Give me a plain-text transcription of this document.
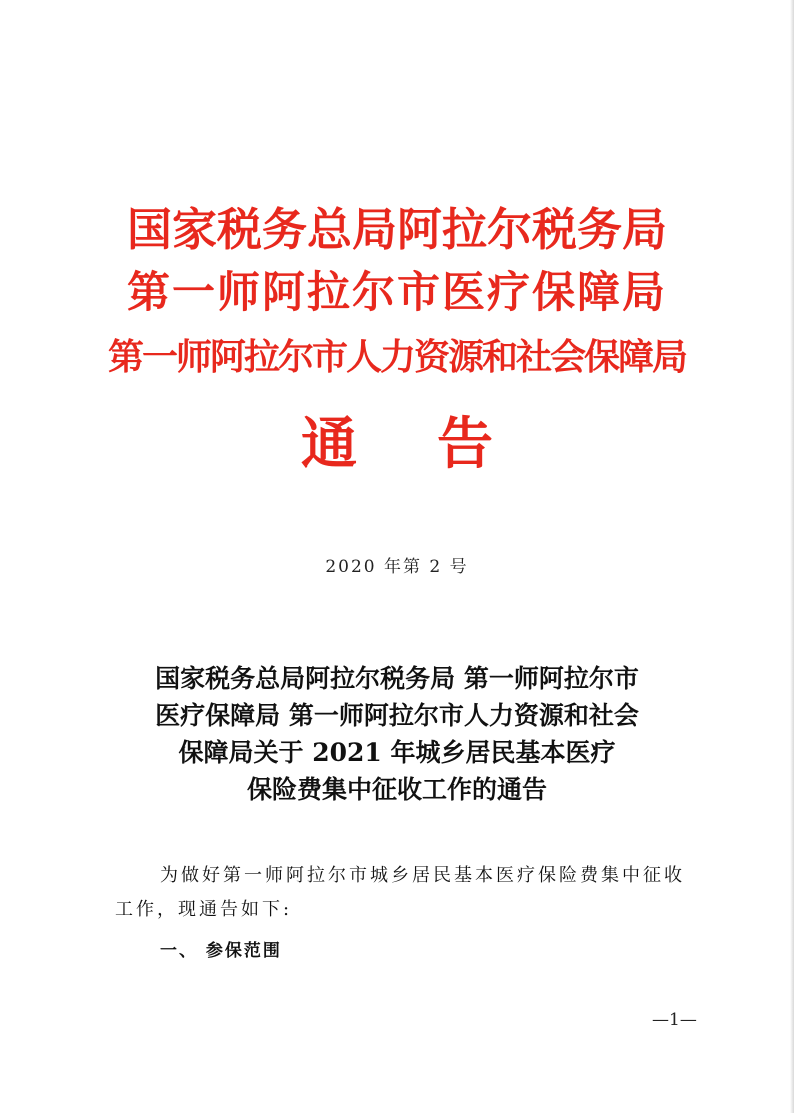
国家税务总局阿拉尔税务局
第一师阿拉尔市医疗保障局
第一师阿拉尔市人力资源和社会保障局
通告
2020 年第 2 号
国家税务总局阿拉尔税务局 第一师阿拉尔市
医疗保障局 第一师阿拉尔市人力资源和社会
保障局关于 2021 年城乡居民基本医疗
保险费集中征收工作的通告
为做好第一师阿拉尔市城乡居民基本医疗保险费集中征收
工作，现通告如下:
一、 参保范围
—1—
